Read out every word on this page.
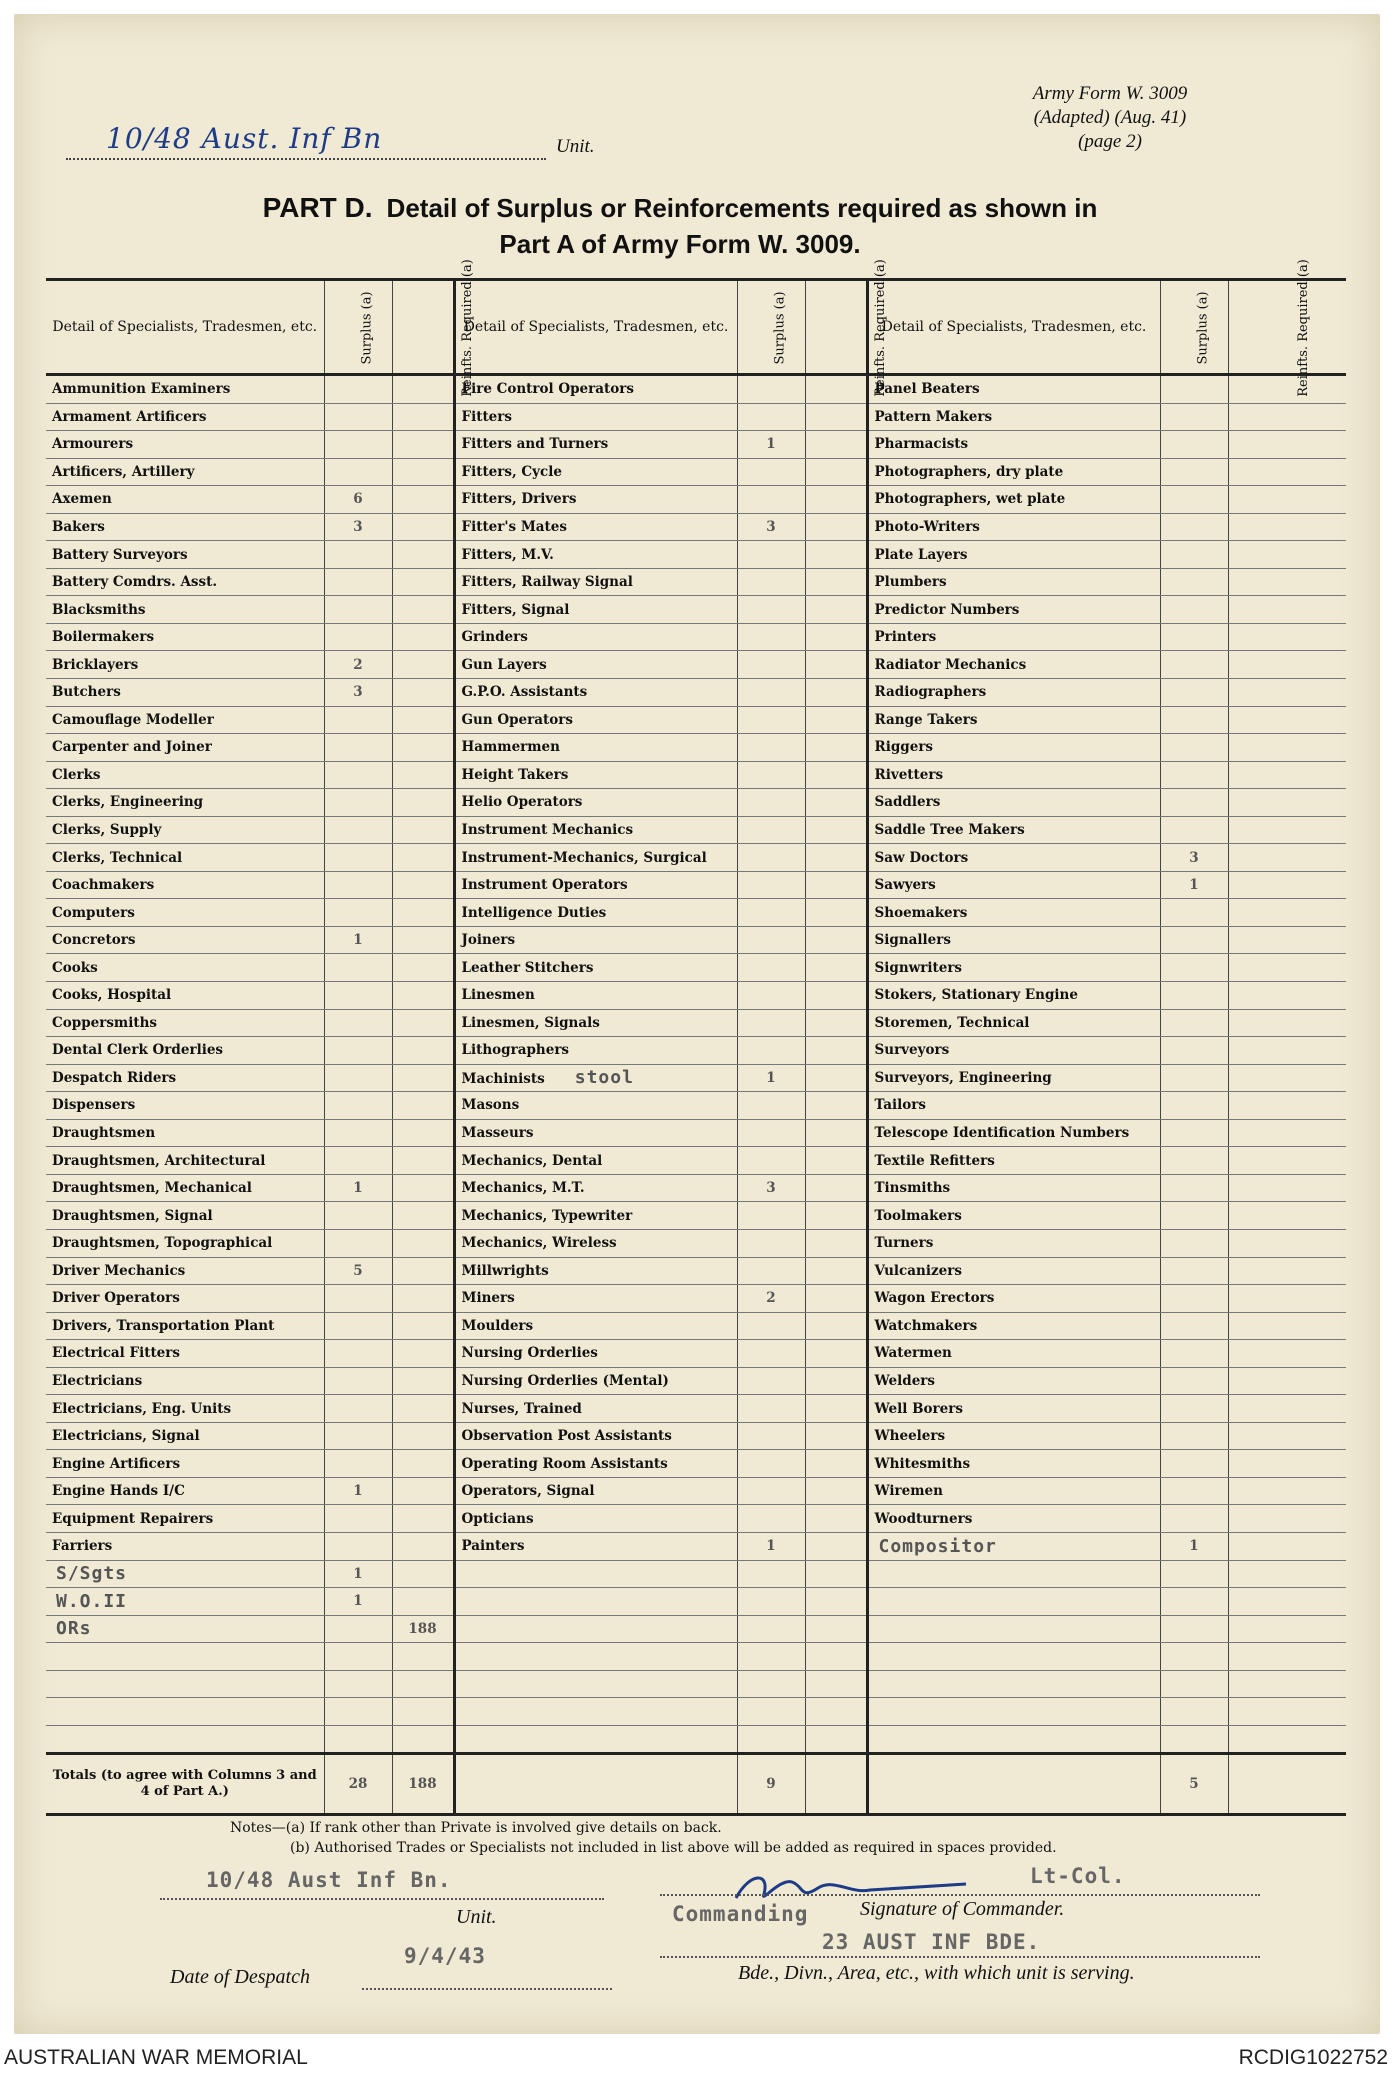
Army Form W. 3009
(Adapted) (Aug. 41)
(page 2)
10/48 Aust. Inf Bn	Unit.
PART D. Detail of Surplus or Reinforcements required as shown in
Part A of Army Form W. 3009.
Detail of Specialists, Tradesmen, etc.	Surplus (a)	Reinfts. Required (a)	Detail of Specialists, Tradesmen, etc.	Surplus (a)	Reinfts. Required (a)	Detail of Specialists, Tradesmen, etc.	Surplus (a)	Reinfts. Required (a)
Ammunition Examiners			Fire Control Operators			Panel Beaters		
Armament Artificers			Fitters			Pattern Makers		
Armourers			Fitters and Turners	1		Pharmacists		
Artificers, Artillery			Fitters, Cycle			Photographers, dry plate		
Axemen	6		Fitters, Drivers			Photographers, wet plate		
Bakers	3		Fitter's Mates	3		Photo-Writers		
Battery Surveyors			Fitters, M.V.			Plate Layers		
Battery Comdrs. Asst.			Fitters, Railway Signal			Plumbers		
Blacksmiths			Fitters, Signal			Predictor Numbers		
Boilermakers			Grinders			Printers		
Bricklayers	2		Gun Layers			Radiator Mechanics		
Butchers	3		G.P.O. Assistants			Radiographers		
Camouflage Modeller			Gun Operators			Range Takers		
Carpenter and Joiner			Hammermen			Riggers		
Clerks			Height Takers			Rivetters		
Clerks, Engineering			Helio Operators			Saddlers		
Clerks, Supply			Instrument Mechanics			Saddle Tree Makers		
Clerks, Technical			Instrument-Mechanics, Surgical			Saw Doctors	3	
Coachmakers			Instrument Operators			Sawyers	1	
Computers			Intelligence Duties			Shoemakers		
Concretors	1		Joiners			Signallers		
Cooks			Leather Stitchers			Signwriters		
Cooks, Hospital			Linesmen			Stokers, Stationary Engine		
Coppersmiths			Linesmen, Signals			Storemen, Technical		
Dental Clerk Orderlies			Lithographers			Surveyors		
Despatch Riders			Machinists stool	1		Surveyors, Engineering		
Dispensers			Masons			Tailors		
Draughtsmen			Masseurs			Telescope Identification Numbers		
Draughtsmen, Architectural			Mechanics, Dental			Textile Refitters		
Draughtsmen, Mechanical	1		Mechanics, M.T.	3		Tinsmiths		
Draughtsmen, Signal			Mechanics, Typewriter			Toolmakers		
Draughtsmen, Topographical			Mechanics, Wireless			Turners		
Driver Mechanics	5		Millwrights			Vulcanizers		
Driver Operators			Miners	2		Wagon Erectors		
Drivers, Transportation Plant			Moulders			Watchmakers		
Electrical Fitters			Nursing Orderlies			Watermen		
Electricians			Nursing Orderlies (Mental)			Welders		
Electricians, Eng. Units			Nurses, Trained			Well Borers		
Electricians, Signal			Observation Post Assistants			Wheelers		
Engine Artificers			Operating Room Assistants			Whitesmiths		
Engine Hands I/C	1		Operators, Signal			Wiremen		
Equipment Repairers			Opticians			Woodturners		
Farriers			Painters	1		Compositor	1	
S/Sgts	1							
W.O.II	1							
ORs		188						

Totals (to agree with Columns 3 and 4 of Part A.)	28	188		9			5	
Notes—(a) If rank other than Private is involved give details on back.
(b) Authorised Trades or Specialists not included in list above will be added as required in spaces provided.
10/48 Aust Inf Bn.
Unit.
9/4/43
Date of Despatch
Lt-Col.
Commanding	Signature of Commander.
23 AUST INF BDE.
Bde., Divn., Area, etc., with which unit is serving.
AUSTRALIAN WAR MEMORIAL	RCDIG1022752
